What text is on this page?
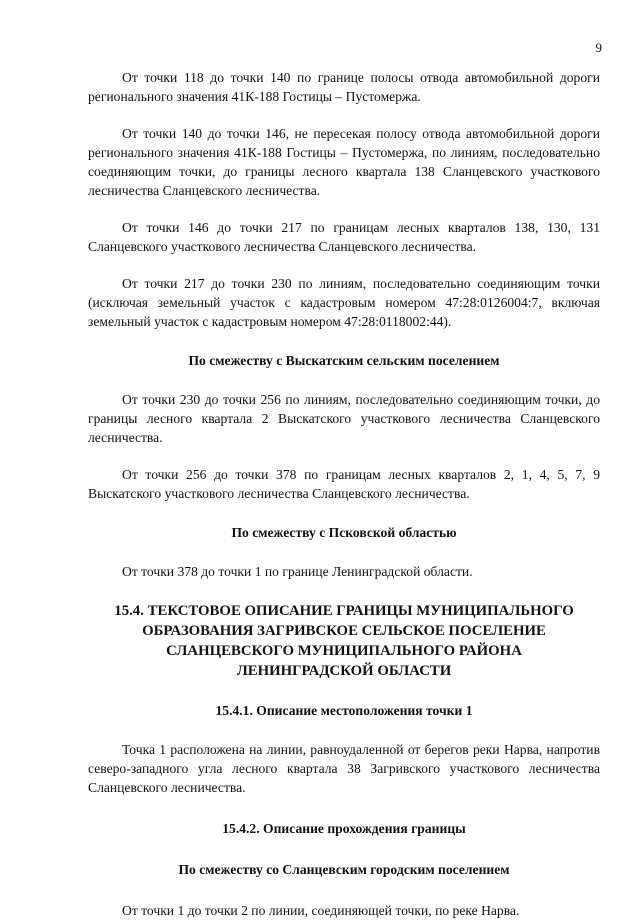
9

От точки 118 до точки 140 по границе полосы отвода автомобильной дороги регионального значения 41К-188 Гостицы – Пустомержа.

От точки 140 до точки 146, не пересекая полосу отвода автомобильной дороги регионального значения 41К-188 Гостицы – Пустомержа, по линиям, последовательно соединяющим точки, до границы лесного квартала 138 Сланцевского участкового лесничества Сланцевского лесничества.

От точки 146 до точки 217 по границам лесных кварталов 138, 130, 131 Сланцевского участкового лесничества Сланцевского лесничества.

От точки 217 до точки 230 по линиям, последовательно соединяющим точки (исключая земельный участок с кадастровым номером 47:28:0126004:7, включая земельный участок с кадастровым номером 47:28:0118002:44).

По смежеству с Выскатским сельским поселением

От точки 230 до точки 256 по линиям, последовательно соединяющим точки, до границы лесного квартала 2 Выскатского участкового лесничества Сланцевского лесничества.

От точки 256 до точки 378 по границам лесных кварталов 2, 1, 4, 5, 7, 9 Выскатского участкового лесничества Сланцевского лесничества.

По смежеству с Псковской областью

От точки 378 до точки 1 по границе Ленинградской области.

15.4. ТЕКСТОВОЕ ОПИСАНИЕ ГРАНИЦЫ МУНИЦИПАЛЬНОГО
ОБРАЗОВАНИЯ ЗАГРИВСКОЕ СЕЛЬСКОЕ ПОСЕЛЕНИЕ
СЛАНЦЕВСКОГО МУНИЦИПАЛЬНОГО РАЙОНА
ЛЕНИНГРАДСКОЙ ОБЛАСТИ

15.4.1. Описание местоположения точки 1

Точка 1 расположена на линии, равноудаленной от берегов реки Нарва, напротив северо-западного угла лесного квартала 38 Загривского участкового лесничества Сланцевского лесничества.

15.4.2. Описание прохождения границы

По смежеству со Сланцевским городским поселением

От точки 1 до точки 2 по линии, соединяющей точки, по реке Нарва.
